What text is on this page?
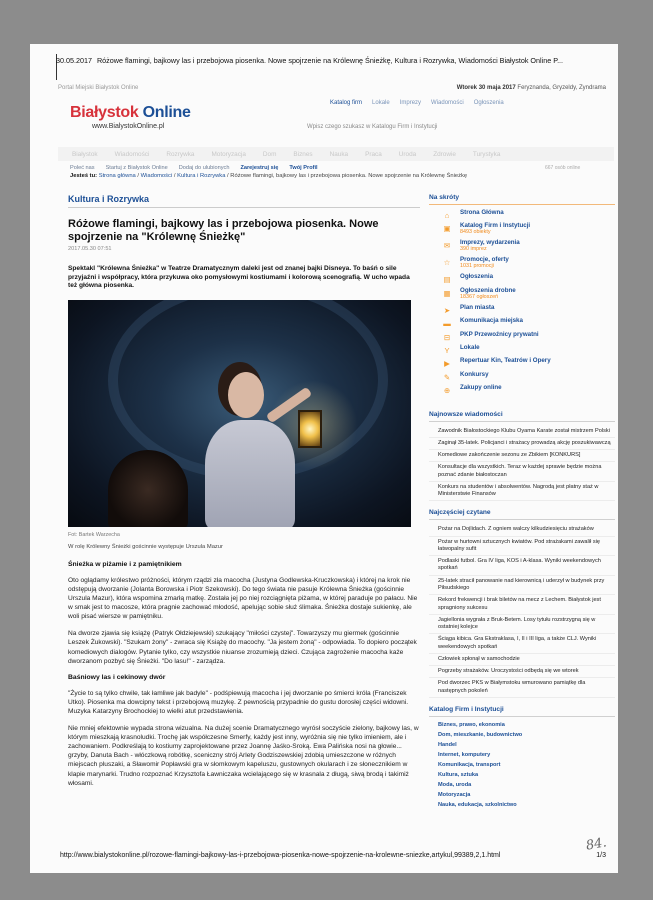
30.05.2017 Różowe flamingi, bajkowy las i przebojowa piosenka. Nowe spojrzenie na Królewnę Śnieżkę, Kultura i Rozrywka, Wiadomości Białystok Online P...
Portal Miejski Białystok Online	Wtorek 30 maja 2017 Feryznanda, Gryzeldy, Zyndrama
Białystok Online
www.BialystokOnline.pl
Katalog firm Lokale Imprezy Wiadomości Ogłoszenia
Wpisz czego szukasz w Katalogu Firm i Instytucji
Białystok	Wiadomości	Rozrywka	Motoryzacja	Dom	Biznes	Nauka	Praca	Uroda	Zdrowie	Turystyka
Poleć nas Startuj z Białystok Online Dodaj do ulubionych Zarejestruj się Twój Profil	667 osób online
Jesteś tu: Strona główna / Wiadomości / Kultura i Rozrywka / Różowe flamingi, bajkowy las i przebojowa piosenka. Nowe spojrzenie na Królewnę Śnieżkę
Kultura i Rozrywka
Różowe flamingi, bajkowy las i przebojowa piosenka. Nowe spojrzenie na "Królewnę Śnieżkę"
2017.05.30 07:51

Spektakl "Królewna Śnieżka" w Teatrze Dramatycznym daleki jest od znanej bajki Disneya. To baśń o sile przyjaźni i współpracy, która przykuwa oko pomysłowymi kostiumami i kolorową scenografią. W ucho wpada też główna piosenka.

Fot: Bartek Warzecha
W rolę Królewny Śnieżki gościnnie występuje Urszula Mazur
Śnieżka w piżamie i z pamiętnikiem

Oto oglądamy królestwo próżności, którym rządzi zła macocha (Justyna Godlewska-Kruczkowska) i której na krok nie odstępują dworzanie (Jolanta Borowska i Piotr Szekowski). Do tego świata nie pasuje Królewna Śnieżka (gościnnie Urszula Mazur), która wspomina zmarłą matkę. Została jej po niej rozciągnięta piżama, w której paraduje po pałacu. Nie w smak jest to macosze, która pragnie zachować młodość, apelując sobie służ ślimaka. Śnieżka dostaje sukienkę, ale woli pisać wiersze w pamiętniku.

Na dworze zjawia się książę (Patryk Ołdziejewski) szukający "miłości czystej". Towarzyszy mu giermek (gościnnie Leszek Żukowski). "Szukam żony" - zwraca się Książę do macochy. "Ja jestem żoną" - odpowiada. To dopiero początek komediowych dialogów. Pytanie tylko, czy wszystkie niuanse zrozumieją dzieci. Czująca zagrożenie macocha każe dworzanom pozbyć się Śnieżki. "Do lasu!" - zarządza.

Baśniowy las i cekinowy dwór

"Życie to są tylko chwile, tak łamliwe jak badyle" - podśpiewują macocha i jej dworzanie po śmierci króla (Franciszek Utko). Piosenka ma dowcipny tekst i przebojową muzykę. Z pewnością przypadnie do gustu dorosłej części widowni. Muzyka Katarzyny Brochockiej to wielki atut przedstawienia.

Nie mniej efektownie wypada strona wizualna. Na dużej scenie Dramatycznego wyrósł soczyście zielony, bajkowy las, w którym mieszkają krasnoludki. Trochę jak współczesne Smerfy, każdy jest inny, wyróżnia się nie tylko imieniem, ale i zachowaniem. Podkreślają to kostiumy zaprojektowane przez Joannę Jaśko-Sroką. Ewa Palińska nosi na głowie... grzyby, Danuta Bach - włóczkową robótkę, sceniczny strój Arlety Godziszewskiej zdobią umieszczone w różnych miejscach pluszaki, a Sławomir Popławski gra w słomkowym kapeluszu, gustownych okularach i ze słonecznikiem w klapie marynarki. Trudno rozpoznać Krzysztofa Ławniczaka wcielającego się w krasnala z długą, siwą brodą i takimiż włosami.

Na skróty
⌂	Strona Główna
▣ Katalog Firm i Instytucji
8493 obiekty
✉ Imprezy, wydarzenia
390 imprez
☆ Promocje, oferty
1031 promocji
▤ Ogłoszenia
▦ Ogłoszenia drobne
18367 ogłoszeń
➤ Plan miasta
▬ Komunikacja miejska
⊟ PKP Przewoźnicy prywatni
Y	Lokale
▶	Repertuar Kin, Teatrów i Opery
✎ Konkursy
⊕ Zakupy online
Najnowsze wiadomości
Zawodnik Białostockiego Klubu Oyama Karate został mistrzem Polski
Zaginął 35-latek. Policjanci i strażacy prowadzą akcję poszukiwawczą
Komediowe zakończenie sezonu ze Zbikiem [KONKURS]
Konsultacje dla wszystkich. Teraz w każdej sprawie będzie można poznać zdanie białostoczan
Konkurs na studentów i absolwentów. Nagrodą jest płatny staż w Ministerstwie Finansów
Najczęściej czytane
Pożar na Dojlidach. Z ogniem walczy kilkudziesięciu strażaków
Pożar w hurtowni sztucznych kwiatów. Pod strażakami zawalił się łatwopalny sufit
Podlaski futbol. Gra IV liga, KOS i A-klasa. Wyniki weekendowych spotkań
25-latek stracił panowanie nad kierownicą i uderzył w budynek przy Piłsudskiego
Rekord frekwencji i brak biletów na mecz z Lechem. Białystok jest spragniony sukcesu
Jagiellonia wygrała z Bruk-Betem. Losy tytułu rozstrzygną się w ostatniej kolejce
Ściąga kibica. Gra Ekstraklasa, I, II i III liga, a także CLJ. Wyniki weekendowych spotkań
Człowiek spłonął w samochodzie
Pogrzeby strażaków. Uroczystości odbędą się we wtorek
Pod dworzec PKS w Białymstoku wmurowano pamiątkę dla następnych pokoleń
Katalog Firm i Instytucji
Biznes, prawo, ekonomia
Dom, mieszkanie, budownictwo
Handel
Internet, komputery
Komunikacja, transport
Kultura, sztuka
Moda, uroda
Motoryzacja
Nauka, edukacja, szkolnictwo
http://www.bialystokonline.pl/rozowe-flamingi-bajkowy-las-i-przebojowa-piosenka-nowe-spojrzenie-na-krolewne-sniezke,artykul,99389,2,1.html	1/3
84.
